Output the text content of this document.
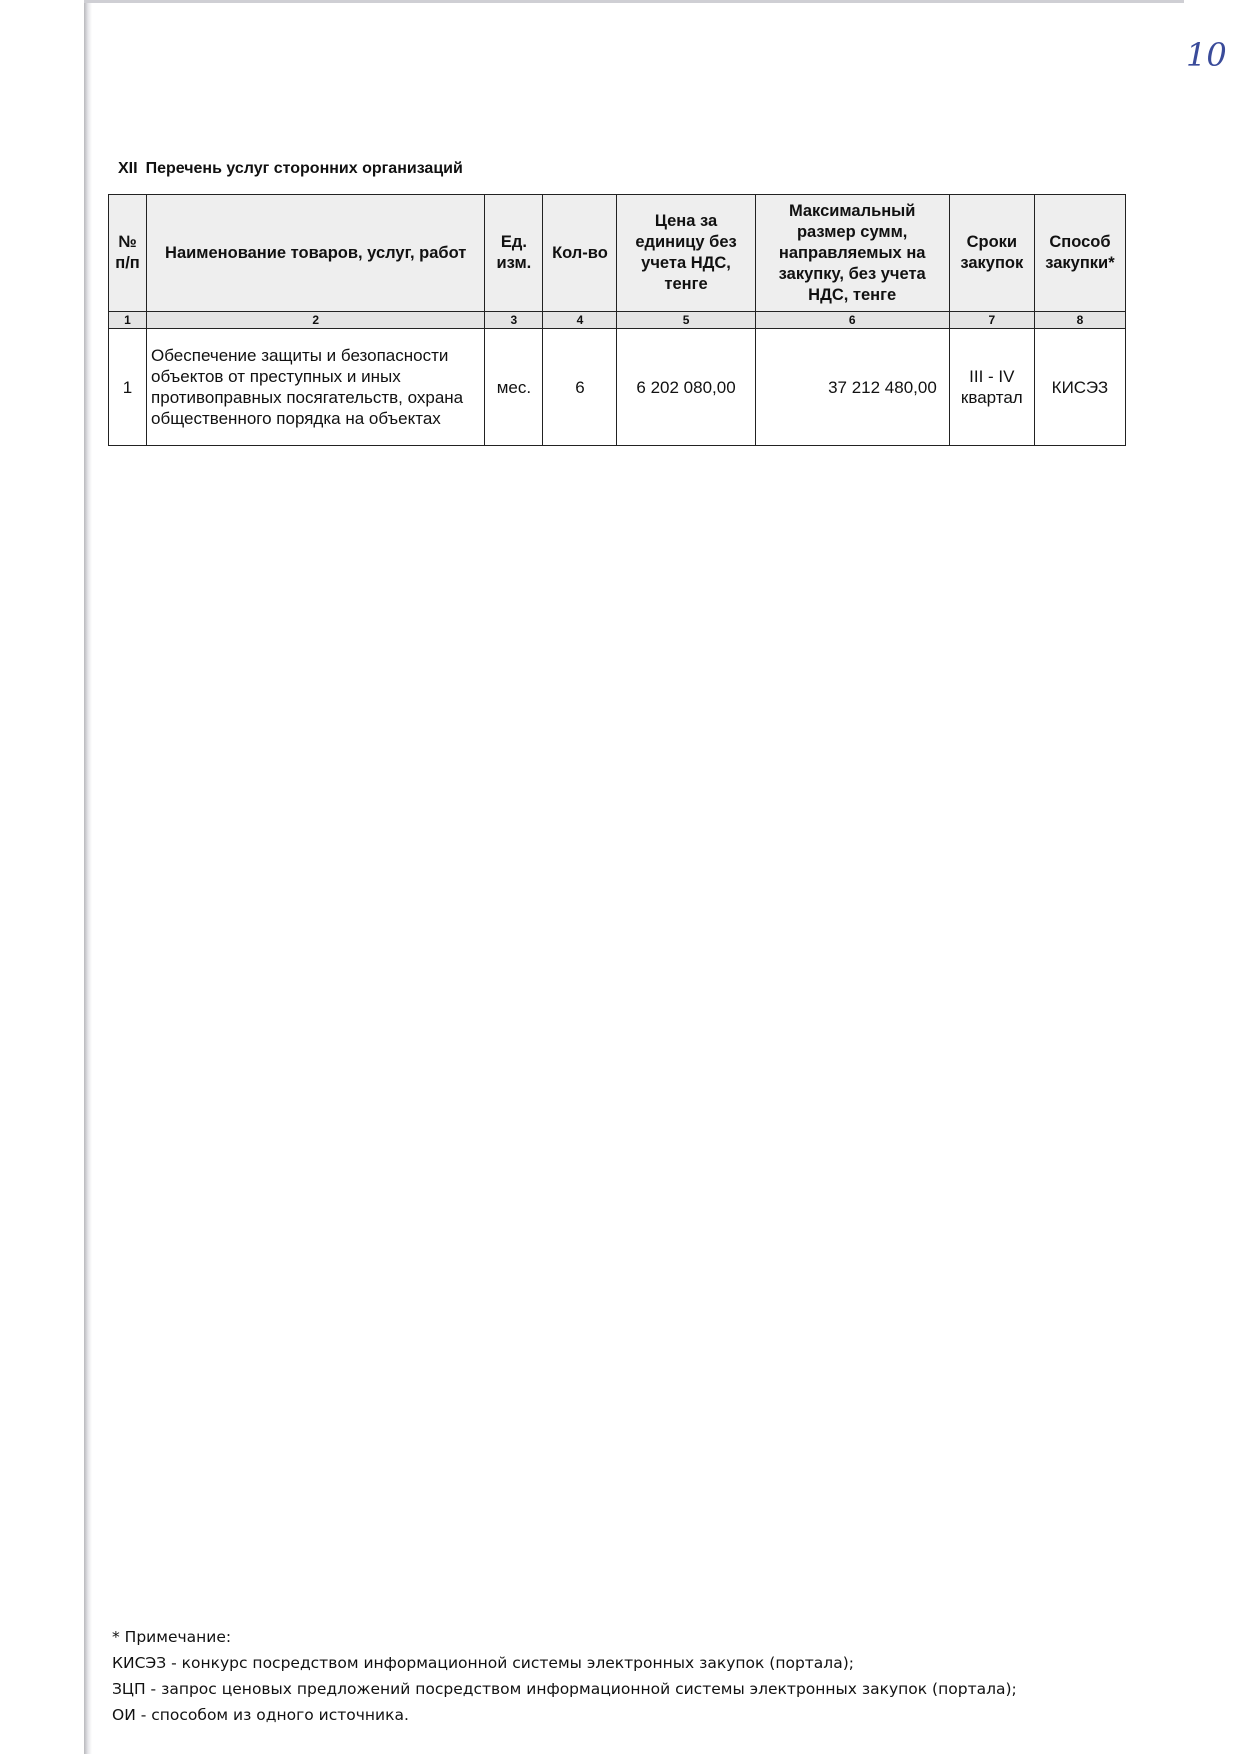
10
XII Перечень услуг сторонних организаций
№ п/п	Наименование товаров, услуг, работ	Ед. изм.	Кол-во	Цена за единицу без учета НДС, тенге	Максимальный размер сумм, направляемых на закупку, без учета НДС, тенге	Сроки закупок	Способ закупки*
1	2	3	4	5	6	7	8
1	Обеспечение защиты и безопасности объектов от преступных и иных противоправных посягательств, охрана общественного порядка на объектах	мес.	6	6 202 080,00	37 212 480,00	III - IV квартал	КИСЭЗ
* Примечание:
КИСЭЗ - конкурс посредством информационной системы электронных закупок (портала);
ЗЦП - запрос ценовых предложений посредством информационной системы электронных закупок (портала);
ОИ - способом из одного источника.
